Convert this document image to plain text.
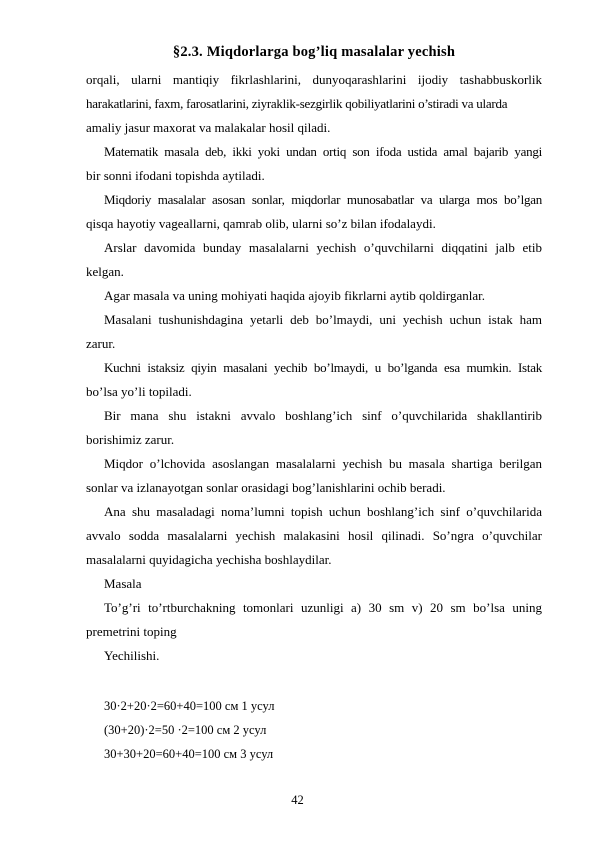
§2.3. Miqdorlarga bog’liq masalalar yechish
orqali, ularni mantiqiy fikrlashlarini, dunyoqarashlarini ijodiy tashabbuskorlik
harakatlarini, faxm, farosatlarini, ziyraklik-sezgirlik qobiliyatlarini o’stiradi va ularda
amaliy jasur maxorat va malakalar hosil qiladi.
Matematik masala deb, ikki yoki undan ortiq son ifoda ustida amal bajarib yangi
bir sonni ifodani topishda aytiladi.
Miqdoriy masalalar asosan sonlar, miqdorlar munosabatlar va ularga mos bo’lgan
qisqa hayotiy vageallarni, qamrab olib, ularni so’z bilan ifodalaydi.
Arslar davomida bunday masalalarni yechish o’quvchilarni diqqatini jalb etib
kelgan.
Agar masala va uning mohiyati haqida ajoyib fikrlarni aytib qoldirganlar.
Masalani tushunishdagina yetarli deb bo’lmaydi, uni yechish uchun istak ham
zarur.
Kuchni istaksiz qiyin masalani yechib bo’lmaydi, u bo’lganda esa mumkin. Istak
bo’lsa yo’li topiladi.
Bir mana shu istakni avvalo boshlang’ich sinf o’quvchilarida shakllantirib
borishimiz zarur.
Miqdor o’lchovida asoslangan masalalarni yechish bu masala shartiga berilgan
sonlar va izlanayotgan sonlar orasidagi bog’lanishlarini ochib beradi.
Ana shu masaladagi noma’lumni topish uchun boshlang’ich sinf o’quvchilarida
avvalo sodda masalalarni yechish malakasini hosil qilinadi. So’ngra o’quvchilar
masalalarni quyidagicha yechisha boshlaydilar.
Masala
To’g’ri to’rtburchakning tomonlari uzunligi a) 30 sm v) 20 sm bo’lsa uning
premetrini toping
Yechilishi.
30·2+20·2=60+40=100 см 1 усул
(30+20)·2=50 ·2=100 см 2 усул
30+30+20=60+40=100 см 3 усул
42
